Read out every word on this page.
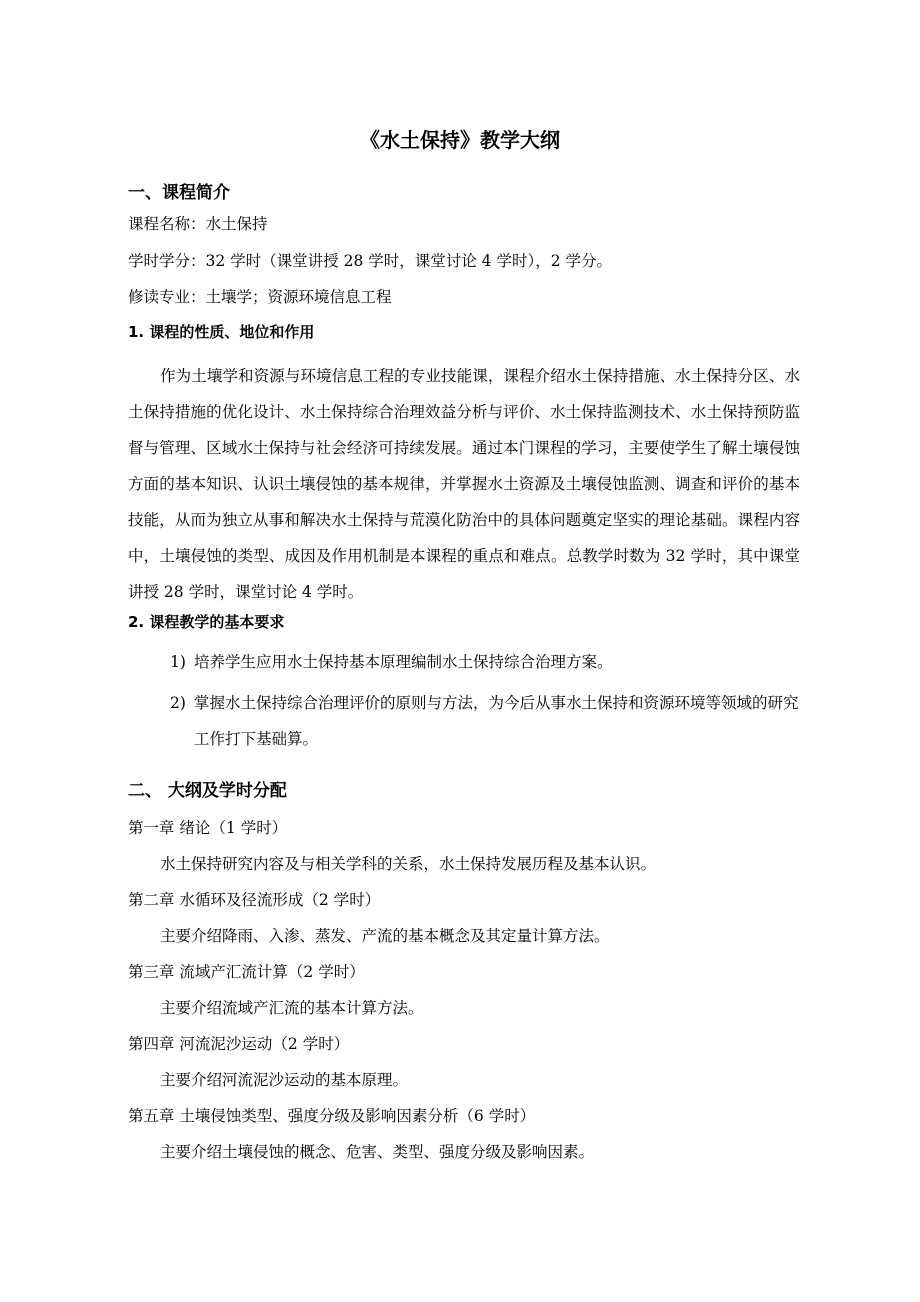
《水土保持》教学大纲
一、课程简介
课程名称：水土保持
学时学分：32 学时（课堂讲授 28 学时，课堂讨论 4 学时），2 学分。
修读专业：土壤学；资源环境信息工程
1. 课程的性质、地位和作用
作为土壤学和资源与环境信息工程的专业技能课，课程介绍水土保持措施、水土保持分区、水土保持措施的优化设计、水土保持综合治理效益分析与评价、水土保持监测技术、水土保持预防监督与管理、区域水土保持与社会经济可持续发展。通过本门课程的学习，主要使学生了解土壤侵蚀方面的基本知识、认识土壤侵蚀的基本规律，并掌握水土资源及土壤侵蚀监测、调查和评价的基本技能，从而为独立从事和解决水土保持与荒漠化防治中的具体问题奠定坚实的理论基础。课程内容中，土壤侵蚀的类型、成因及作用机制是本课程的重点和难点。总教学时数为 32 学时，其中课堂讲授 28 学时，课堂讨论 4 学时。
2. 课程教学的基本要求
1) 培养学生应用水土保持基本原理编制水土保持综合治理方案。
2) 掌握水土保持综合治理评价的原则与方法，为今后从事水土保持和资源环境等领域的研究工作打下基础算。
二、 大纲及学时分配
第一章 绪论（1 学时）
水土保持研究内容及与相关学科的关系，水土保持发展历程及基本认识。
第二章 水循环及径流形成（2 学时）
主要介绍降雨、入渗、蒸发、产流的基本概念及其定量计算方法。
第三章 流域产汇流计算（2 学时）
主要介绍流域产汇流的基本计算方法。
第四章 河流泥沙运动（2 学时）
主要介绍河流泥沙运动的基本原理。
第五章 土壤侵蚀类型、强度分级及影响因素分析（6 学时）
主要介绍土壤侵蚀的概念、危害、类型、强度分级及影响因素。
